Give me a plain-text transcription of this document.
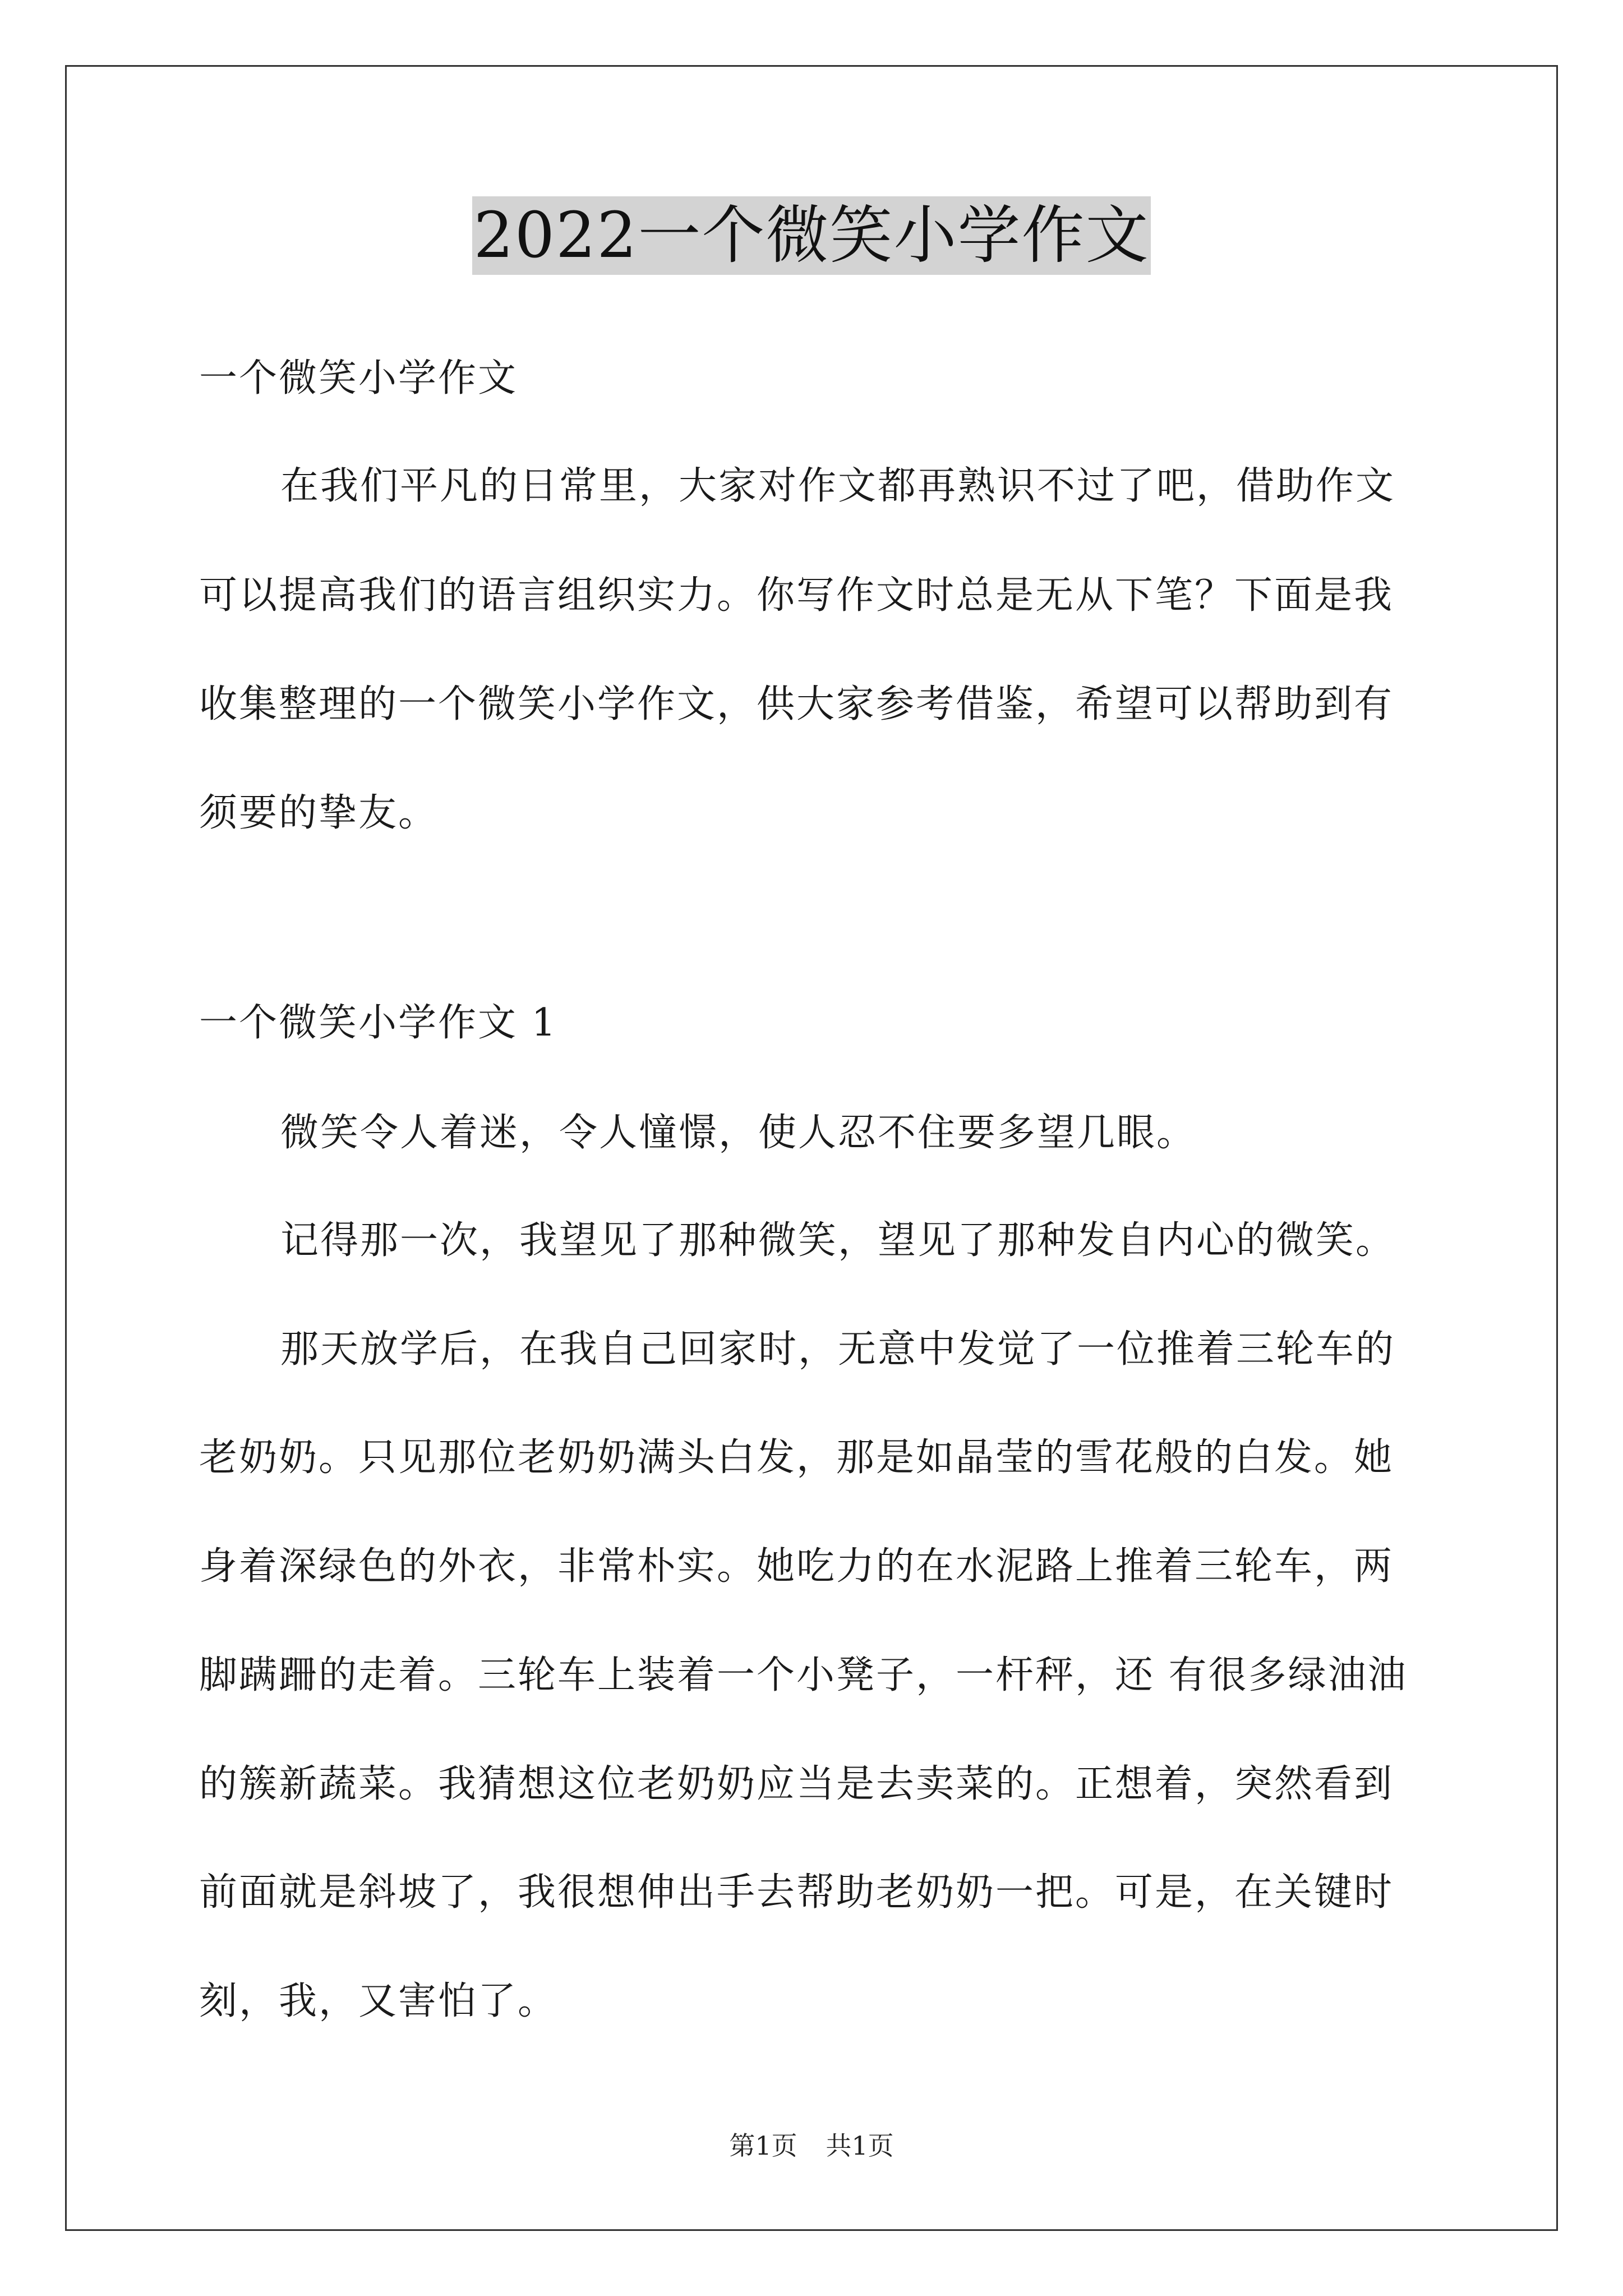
2022一个微笑小学作文
一个微笑小学作文
在我们平凡的日常里，大家对作文都再熟识不过了吧，借助作文
可以提高我们的语言组织实力。你写作文时总是无从下笔？下面是我
收集整理的一个微笑小学作文，供大家参考借鉴，希望可以帮助到有
须要的挚友。
一个微笑小学作文 1
微笑令人着迷，令人憧憬，使人忍不住要多望几眼。
记得那一次，我望见了那种微笑，望见了那种发自内心的微笑。
那天放学后，在我自己回家时，无意中发觉了一位推着三轮车的
老奶奶。只见那位老奶奶满头白发，那是如晶莹的雪花般的白发。她
身着深绿色的外衣，非常朴实。她吃力的在水泥路上推着三轮车，两
脚蹒跚的走着。三轮车上装着一个小凳子，一杆秤，还 有很多绿油油
的簇新蔬菜。我猜想这位老奶奶应当是去卖菜的。正想着，突然看到
前面就是斜坡了，我很想伸出手去帮助老奶奶一把。可是，在关键时
刻，我，又害怕了。
第1页 共1页
